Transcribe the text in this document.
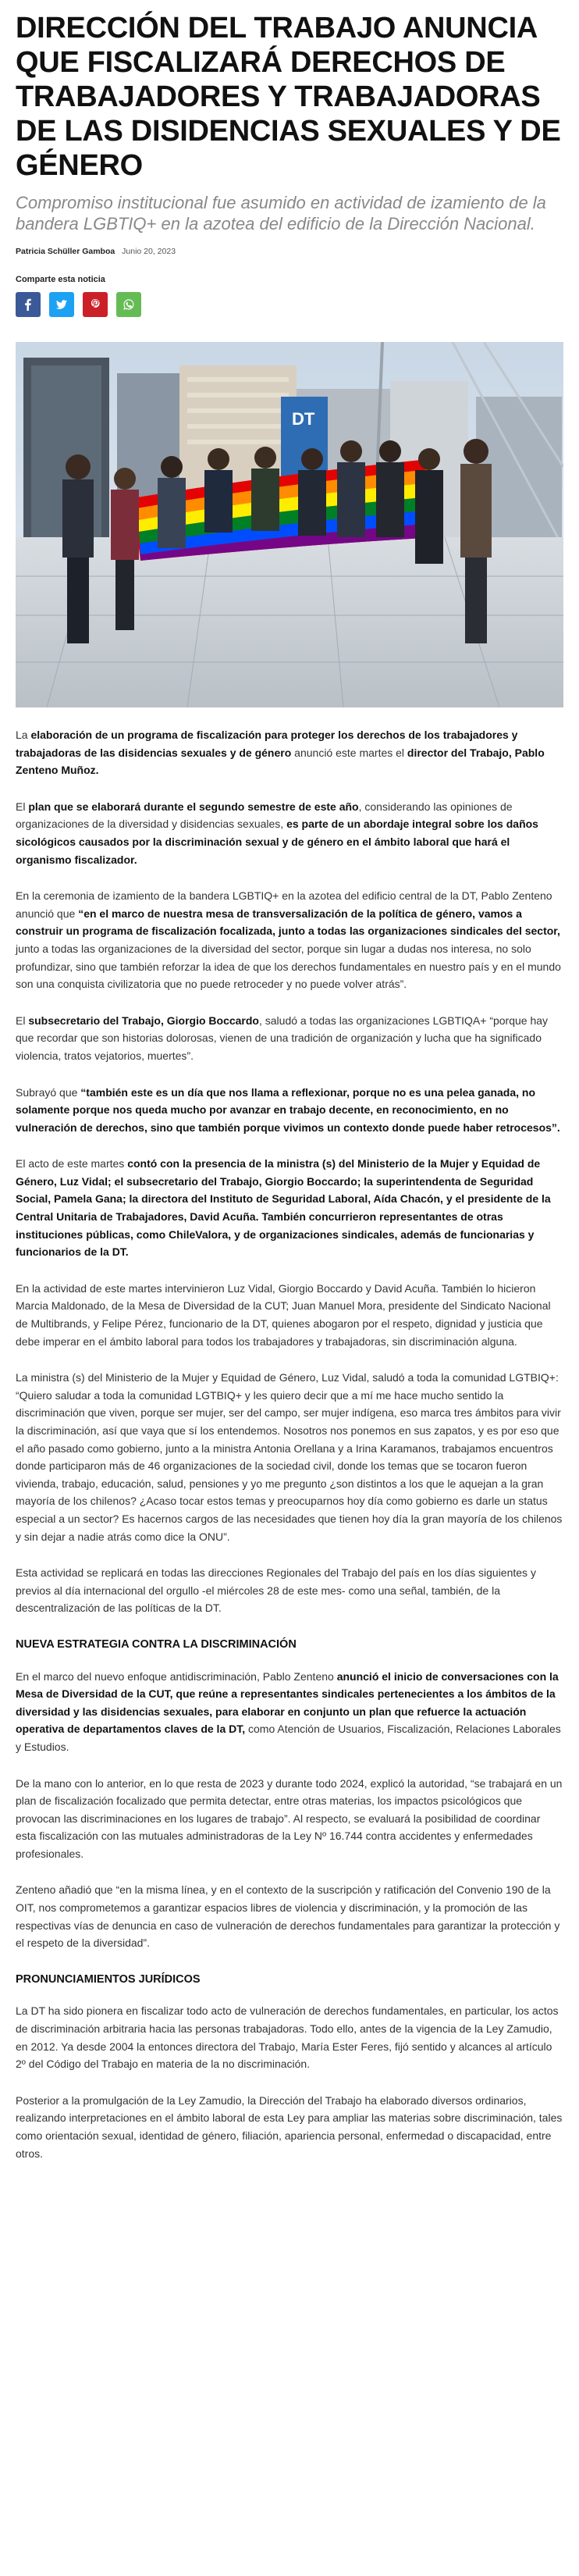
DIRECCIÓN DEL TRABAJO ANUNCIA QUE FISCALIZARÁ DERECHOS DE TRABAJADORES Y TRABAJADORAS DE LAS DISIDENCIAS SEXUALES Y DE GÉNERO
Compromiso institucional fue asumido en actividad de izamiento de la bandera LGBTIQ+ en la azotea del edificio de la Dirección Nacional.
Patricia Schüller Gamboa Junio 20, 2023
Comparte esta noticia
DT

La elaboración de un programa de fiscalización para proteger los derechos de los trabajadores y trabajadoras de las disidencias sexuales y de género anunció este martes el director del Trabajo, Pablo Zenteno Muñoz.

El plan que se elaborará durante el segundo semestre de este año, considerando las opiniones de organizaciones de la diversidad y disidencias sexuales, es parte de un abordaje integral sobre los daños sicológicos causados por la discriminación sexual y de género en el ámbito laboral que hará el organismo fiscalizador.

En la ceremonia de izamiento de la bandera LGBTIQ+ en la azotea del edificio central de la DT, Pablo Zenteno anunció que “en el marco de nuestra mesa de transversalización de la política de género, vamos a construir un programa de fiscalización focalizada, junto a todas las organizaciones sindicales del sector, junto a todas las organizaciones de la diversidad del sector, porque sin lugar a dudas nos interesa, no solo profundizar, sino que también reforzar la idea de que los derechos fundamentales en nuestro país y en el mundo son una conquista civilizatoria que no puede retroceder y no puede volver atrás”.

El subsecretario del Trabajo, Giorgio Boccardo, saludó a todas las organizaciones LGBTIQA+ “porque hay que recordar que son historias dolorosas, vienen de una tradición de organización y lucha que ha significado violencia, tratos vejatorios, muertes”.

Subrayó que “también este es un día que nos llama a reflexionar, porque no es una pelea ganada, no solamente porque nos queda mucho por avanzar en trabajo decente, en reconocimiento, en no vulneración de derechos, sino que también porque vivimos un contexto donde puede haber retrocesos”.

El acto de este martes contó con la presencia de la ministra (s) del Ministerio de la Mujer y Equidad de Género, Luz Vidal; el subsecretario del Trabajo, Giorgio Boccardo; la superintendenta de Seguridad Social, Pamela Gana; la directora del Instituto de Seguridad Laboral, Aída Chacón, y el presidente de la Central Unitaria de Trabajadores, David Acuña. También concurrieron representantes de otras instituciones públicas, como ChileValora, y de organizaciones sindicales, además de funcionarias y funcionarios de la DT.

En la actividad de este martes intervinieron Luz Vidal, Giorgio Boccardo y David Acuña. También lo hicieron Marcia Maldonado, de la Mesa de Diversidad de la CUT; Juan Manuel Mora, presidente del Sindicato Nacional de Multibrands, y Felipe Pérez, funcionario de la DT, quienes abogaron por el respeto, dignidad y justicia que debe imperar en el ámbito laboral para todos los trabajadores y trabajadoras, sin discriminación alguna.

La ministra (s) del Ministerio de la Mujer y Equidad de Género, Luz Vidal, saludó a toda la comunidad LGTBIQ+: “Quiero saludar a toda la comunidad LGTBIQ+ y les quiero decir que a mí me hace mucho sentido la discriminación que viven, porque ser mujer, ser del campo, ser mujer indígena, eso marca tres ámbitos para vivir la discriminación, así que vaya que sí los entendemos. Nosotros nos ponemos en sus zapatos, y es por eso que el año pasado como gobierno, junto a la ministra Antonia Orellana y a Irina Karamanos, trabajamos encuentros donde participaron más de 46 organizaciones de la sociedad civil, donde los temas que se tocaron fueron vivienda, trabajo, educación, salud, pensiones y yo me pregunto ¿son distintos a los que le aquejan a la gran mayoría de los chilenos? ¿Acaso tocar estos temas y preocuparnos hoy día como gobierno es darle un status especial a un sector? Es hacernos cargos de las necesidades que tienen hoy día la gran mayoría de los chilenos y sin dejar a nadie atrás como dice la ONU”.

Esta actividad se replicará en todas las direcciones Regionales del Trabajo del país en los días siguientes y previos al día internacional del orgullo -el miércoles 28 de este mes- como una señal, también, de la descentralización de las políticas de la DT.

NUEVA ESTRATEGIA CONTRA LA DISCRIMINACIÓN

En el marco del nuevo enfoque antidiscriminación, Pablo Zenteno anunció el inicio de conversaciones con la Mesa de Diversidad de la CUT, que reúne a representantes sindicales pertenecientes a los ámbitos de la diversidad y las disidencias sexuales, para elaborar en conjunto un plan que refuerce la actuación operativa de departamentos claves de la DT, como Atención de Usuarios, Fiscalización, Relaciones Laborales y Estudios.

De la mano con lo anterior, en lo que resta de 2023 y durante todo 2024, explicó la autoridad, “se trabajará en un plan de fiscalización focalizado que permita detectar, entre otras materias, los impactos psicológicos que provocan las discriminaciones en los lugares de trabajo”. Al respecto, se evaluará la posibilidad de coordinar esta fiscalización con las mutuales administradoras de la Ley Nº 16.744 contra accidentes y enfermedades profesionales.

Zenteno añadió que “en la misma línea, y en el contexto de la suscripción y ratificación del Convenio 190 de la OIT, nos comprometemos a garantizar espacios libres de violencia y discriminación, y la promoción de las respectivas vías de denuncia en caso de vulneración de derechos fundamentales para garantizar la protección y el respeto de la diversidad”.

PRONUNCIAMIENTOS JURÍDICOS

La DT ha sido pionera en fiscalizar todo acto de vulneración de derechos fundamentales, en particular, los actos de discriminación arbitraria hacia las personas trabajadoras. Todo ello, antes de la vigencia de la Ley Zamudio, en 2012. Ya desde 2004 la entonces directora del Trabajo, María Ester Feres, fijó sentido y alcances al artículo 2º del Código del Trabajo en materia de la no discriminación.

Posterior a la promulgación de la Ley Zamudio, la Dirección del Trabajo ha elaborado diversos ordinarios, realizando interpretaciones en el ámbito laboral de esta Ley para ampliar las materias sobre discriminación, tales como orientación sexual, identidad de género, filiación, apariencia personal, enfermedad o discapacidad, entre otros.
